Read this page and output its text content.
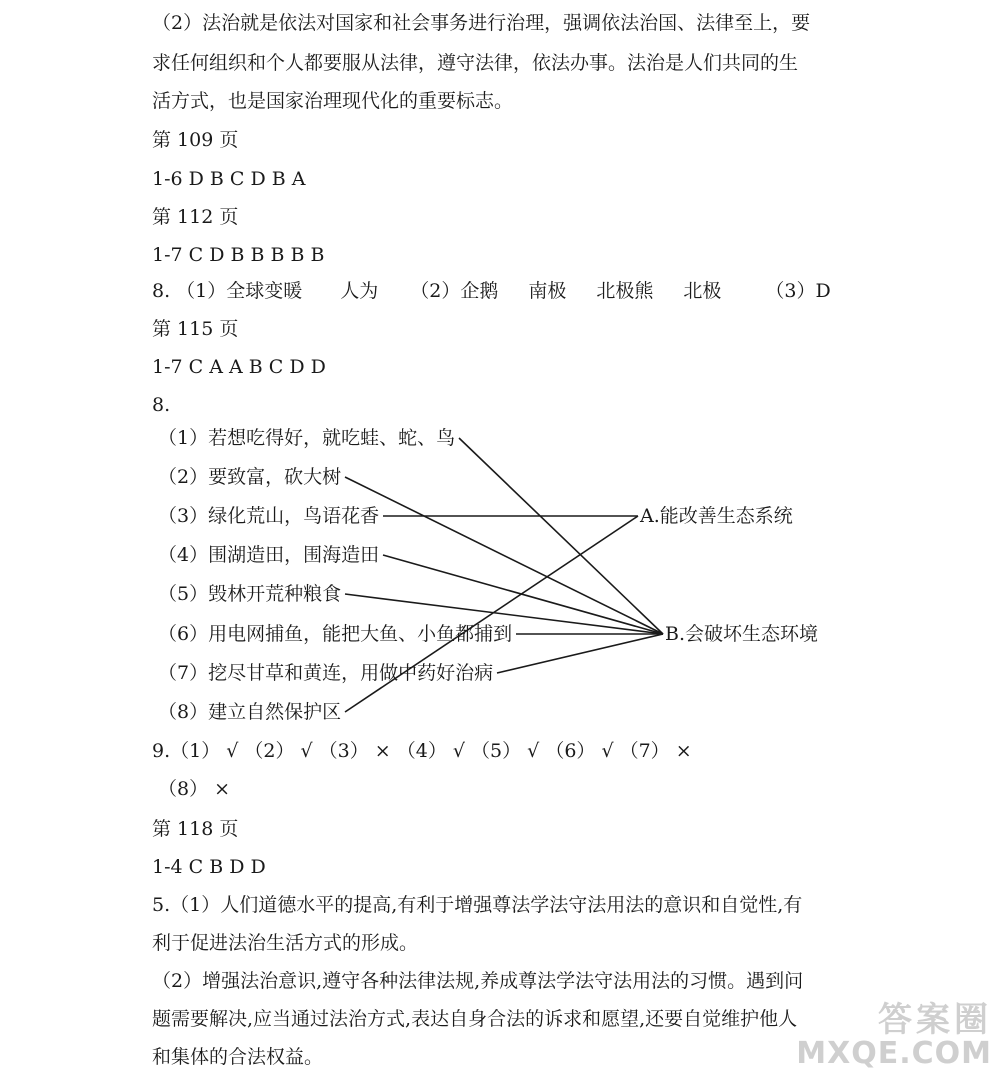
（2）法治就是依法对国家和社会事务进行治理，强调依法治国、法律至上，要
求任何组织和个人都要服从法律，遵守法律，依法办事。法治是人们共同的生
活方式，也是国家治理现代化的重要标志。
第 109 页
1-6 D B C D B A
第 112 页
1-7 C D B B B B B
8. （1）全球变暖 人为 （2）企鹅 南极 北极熊 北极 （3）D
第 115 页
1-7 C A A B C D D
8.
（1）若想吃得好，就吃蛙、蛇、鸟
（2）要致富，砍大树
（3）绿化荒山，鸟语花香
（4）围湖造田，围海造田
（5）毁林开荒种粮食
（6）用电网捕鱼，能把大鱼、小鱼都捕到
（7）挖尽甘草和黄连，用做中药好治病
（8）建立自然保护区
A.能改善生态系统
B.会破坏生态环境
9.（1） √ （2） √ （3） × （4） √ （5） √ （6） √ （7） ×
（8） ×
第 118 页
1-4 C B D D
5.（1）人们道德水平的提高,有利于增强尊法学法守法用法的意识和自觉性,有
利于促进法治生活方式的形成。
（2）增强法治意识,遵守各种法律法规,养成尊法学法守法用法的习惯。遇到问
题需要解决,应当通过法治方式,表达自身合法的诉求和愿望,还要自觉维护他人
和集体的合法权益。
答案圈
MXQE.COM
